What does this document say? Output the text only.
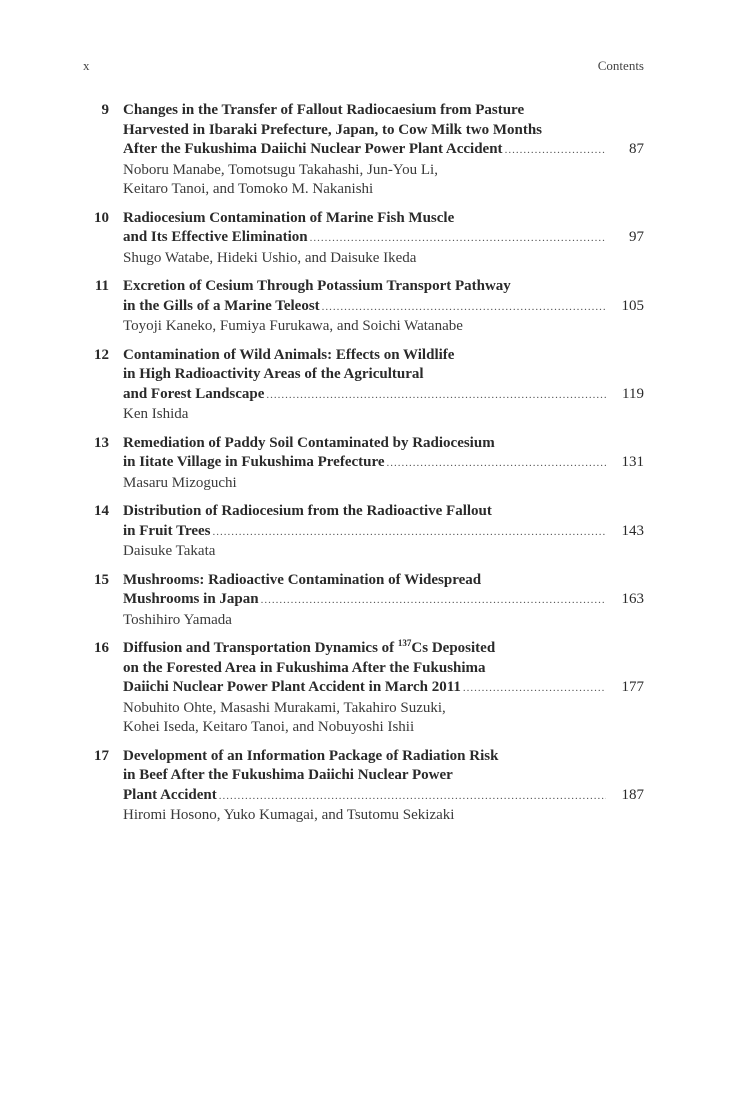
x	Contents
9 Changes in the Transfer of Fallout Radiocaesium from Pasture
Harvested in Ibaraki Prefecture, Japan, to Cow Milk two Months
After the Fukushima Daiichi Nuclear Power Plant Accident .....	87
Noboru Manabe, Tomotsugu Takahashi, Jun-You Li,
Keitaro Tanoi, and Tomoko M. Nakanishi
10 Radiocesium Contamination of Marine Fish Muscle
and Its Effective Elimination .....	97
Shugo Watabe, Hideki Ushio, and Daisuke Ikeda
11 Excretion of Cesium Through Potassium Transport Pathway
in the Gills of a Marine Teleost .....	105
Toyoji Kaneko, Fumiya Furukawa, and Soichi Watanabe
12 Contamination of Wild Animals: Effects on Wildlife
in High Radioactivity Areas of the Agricultural
and Forest Landscape .....	119
Ken Ishida
13 Remediation of Paddy Soil Contaminated by Radiocesium
in Iitate Village in Fukushima Prefecture .....	131
Masaru Mizoguchi
14 Distribution of Radiocesium from the Radioactive Fallout
in Fruit Trees .....	143
Daisuke Takata
15 Mushrooms: Radioactive Contamination of Widespread
Mushrooms in Japan .....	163
Toshihiro Yamada
16 Diffusion and Transportation Dynamics of $^{137}$Cs Deposited
on the Forested Area in Fukushima After the Fukushima
Daiichi Nuclear Power Plant Accident in March 2011 .....	177
Nobuhito Ohte, Masashi Murakami, Takahiro Suzuki,
Kohei Iseda, Keitaro Tanoi, and Nobuyoshi Ishii
17 Development of an Information Package of Radiation Risk
in Beef After the Fukushima Daiichi Nuclear Power
Plant Accident .....	187
Hiromi Hosono, Yuko Kumagai, and Tsutomu Sekizaki
